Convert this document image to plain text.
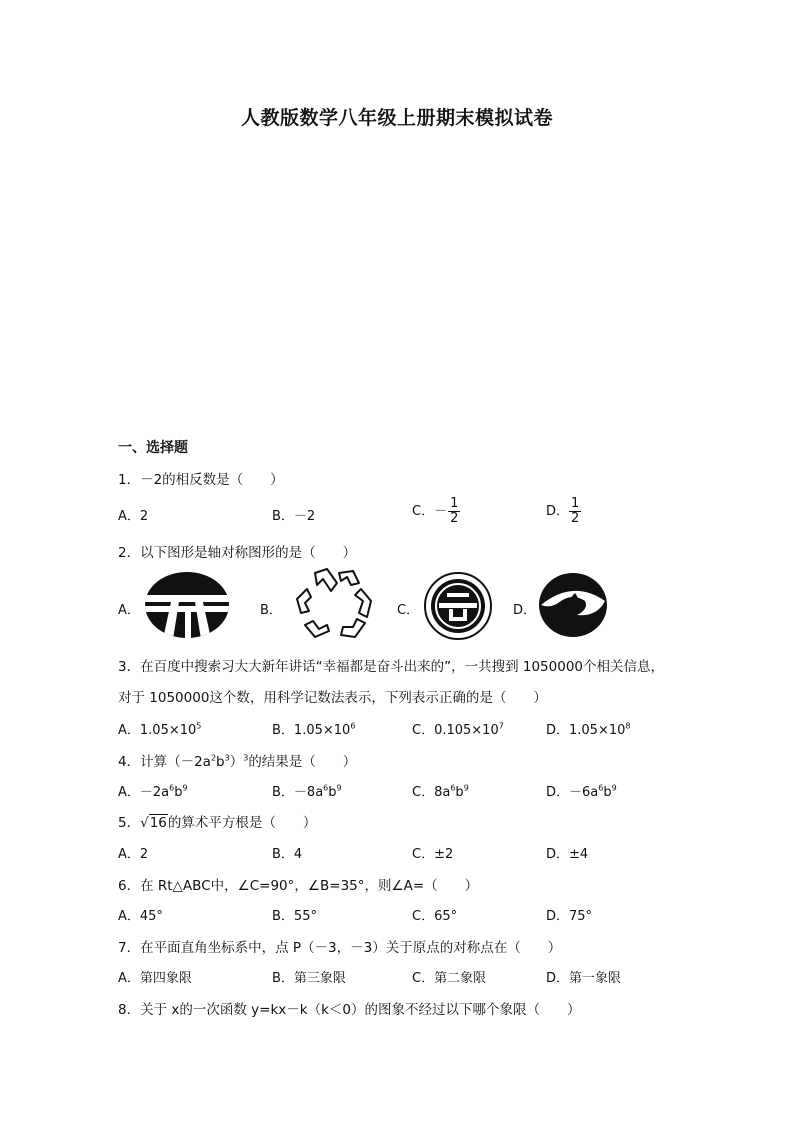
人教版数学八年级上册期末模拟试卷
一、选择题
1．－2的相反数是（　　）
A．2	B．－2	C．－ $\frac{1}{2}$	D． $\frac{1}{2}$
2．以下图形是轴对称图形的是（　　）
A．	B．	C．	D．
3．在百度中搜索习大大新年讲话“幸福都是奋斗出来的”，一共搜到 1050000个相关信息，
对于 1050000这个数，用科学记数法表示，下列表示正确的是（　　）
A．$1.05\times 10^5$	B．$1.05\times 10^6$	C．$0.105\times 10^7$	D．$1.05\times 10^8$
4．计算$(-2a^2b^3)^3$的结果是（　　）
A．$-2a^6b^9$	B．$-8a^6b^9$	C．$8a^6b^9$	D．$-6a^6b^9$
5．√16的算术平方根是（　　）
A．2	B．4	C．±2	D．±4
6．在 Rt△ABC中，∠C=90°，∠B=35°，则∠A=（　　）
A．45°	B．55°	C．65°	D．75°
7．在平面直角坐标系中，点 P（－3，－3）关于原点的对称点在（　　）
A．第四象限	B．第三象限	C．第二象限	D．第一象限
8．关于 x的一次函数 y=kx－k（k＜0）的图象不经过以下哪个象限（　　）
